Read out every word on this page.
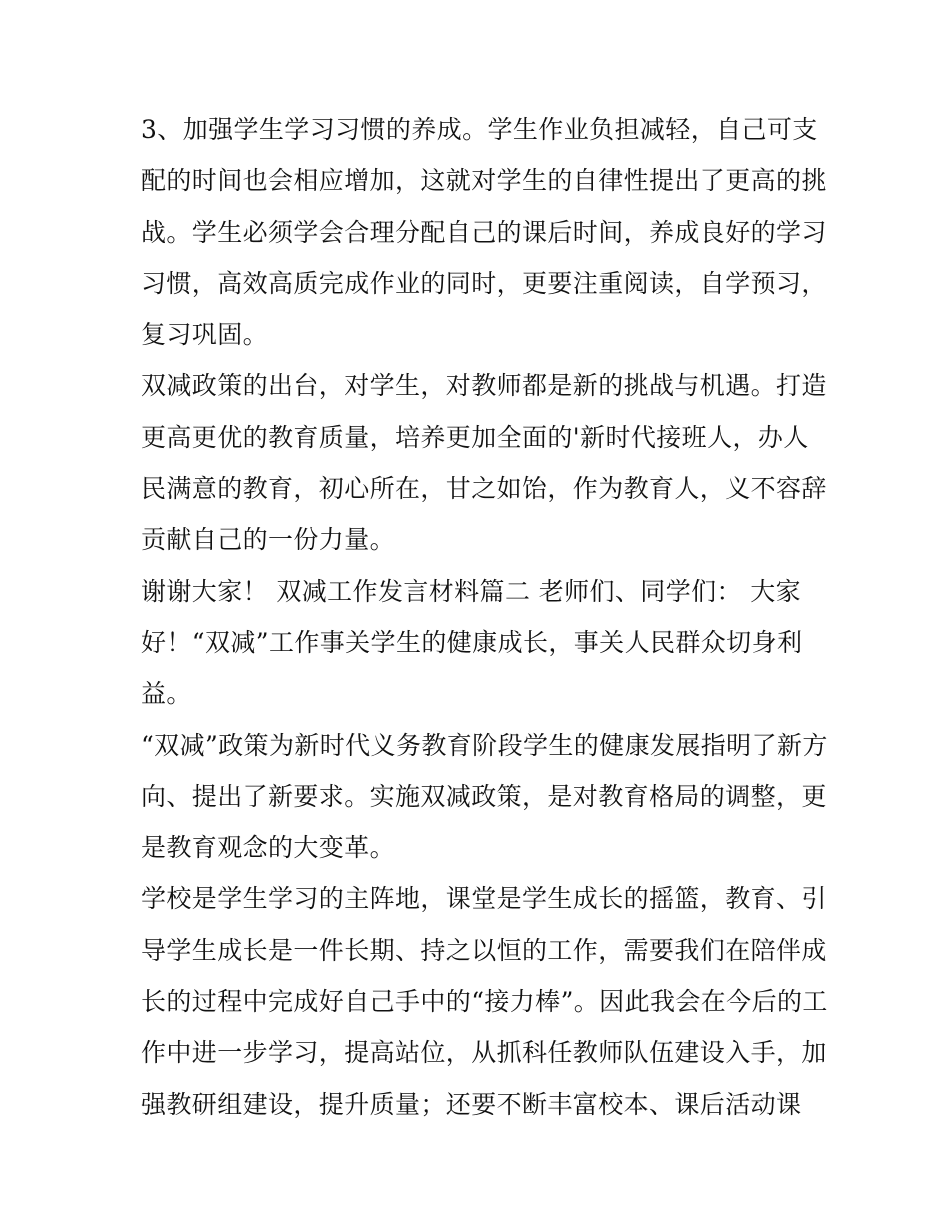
3、加强学生学习习惯的养成。学生作业负担减轻，自己可支
配的时间也会相应增加，这就对学生的自律性提出了更高的挑
战。学生必须学会合理分配自己的课后时间，养成良好的学习
习惯，高效高质完成作业的同时，更要注重阅读，自学预习，
复习巩固。
双减政策的出台，对学生，对教师都是新的挑战与机遇。打造
更高更优的教育质量，培养更加全面的'新时代接班人，办人
民满意的教育，初心所在，甘之如饴，作为教育人，义不容辞
贡献自己的一份力量。
谢谢大家！ 双减工作发言材料篇二 老师们、同学们： 大家
好！“双减”工作事关学生的健康成长，事关人民群众切身利
益。
“双减”政策为新时代义务教育阶段学生的健康发展指明了新方
向、提出了新要求。实施双减政策，是对教育格局的调整，更
是教育观念的大变革。
学校是学生学习的主阵地，课堂是学生成长的摇篮，教育、引
导学生成长是一件长期、持之以恒的工作，需要我们在陪伴成
长的过程中完成好自己手中的“接力棒”。因此我会在今后的工
作中进一步学习，提高站位，从抓科任教师队伍建设入手，加
强教研组建设，提升质量；还要不断丰富校本、课后活动课
